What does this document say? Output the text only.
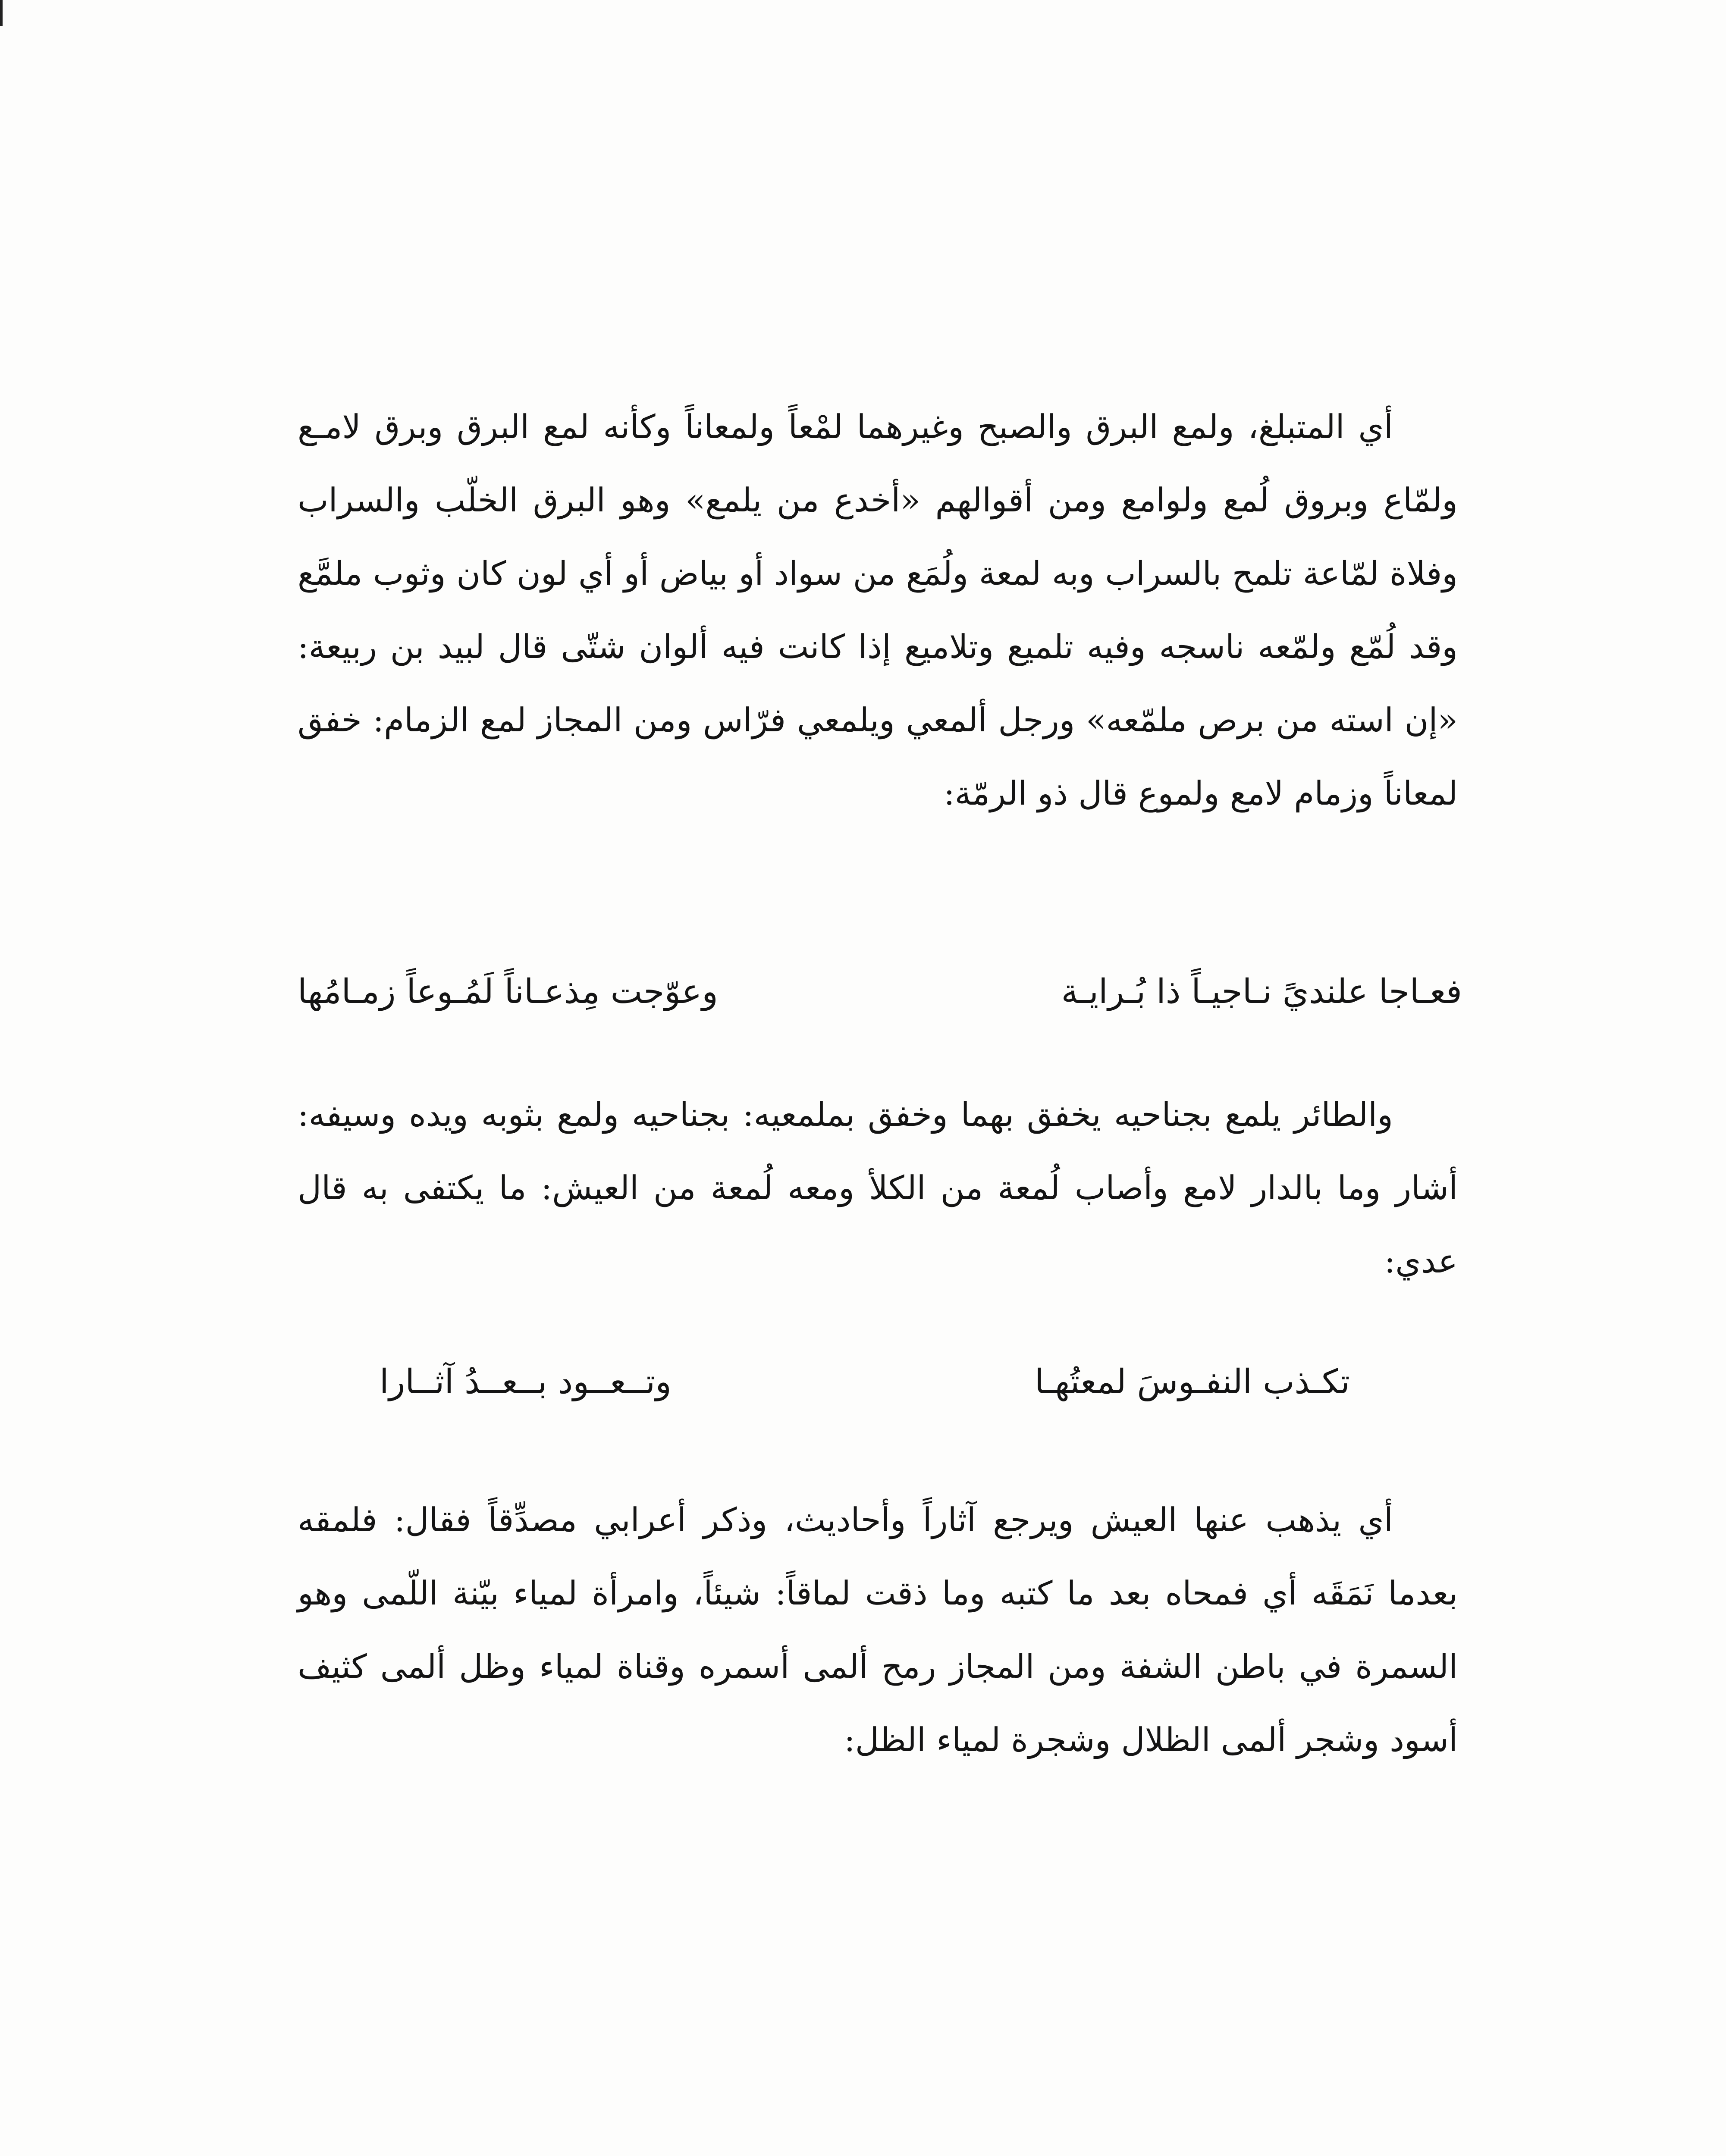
أي المتبلغ، ولمع البرق والصبح وغيرهما لمْعاً ولمعاناً وكأنه لمع البرق وبرق لامـع ولمّاع وبروق لُمع ولوامع ومن أقوالهم «أخدع من يلمع» وهو البرق الخلّب والسراب وفلاة لمّاعة تلمح بالسراب وبه لمعة ولُمَع من سواد أو بياض أو أي لون كان وثوب ملمَّع وقد لُمّع ولمّعه ناسجه وفيه تلميع وتلاميع إذا كانت فيه ألوان شتّى قال لبيد بن ربيعة: «إن استه من برص ملمّعه» ورجل ألمعي ويلمعي فرّاس ومن المجاز لمع الزمام: خفق لمعاناً وزمام لامع ولموع قال ذو الرمّة:

فعـاجا علنديً نـاجيـاً ذا بُـرايـة
وعوّجت مِذعـاناً لَمُـوعاً زمـامُها

والطائر يلمع بجناحيه يخفق بهما وخفق بملمعيه: بجناحيه ولمع بثوبه ويده وسيفه: أشار وما بالدار لامع وأصاب لُمعة من الكلأ ومعه لُمعة من العيش: ما يكتفى به قال عدي:

تكـذب النفـوسَ لمعتُهـا
وتــعــود بــعــدُ آثــارا

أي يذهب عنها العيش ويرجع آثاراً وأحاديث، وذكر أعرابي مصدِّقاً فقال: فلمقه بعدما نَمَقَه أي فمحاه بعد ما كتبه وما ذقت لماقاً: شيئاً، وامرأة لمياء بيّنة اللّمى وهو السمرة في باطن الشفة ومن المجاز رمح ألمى أسمره وقناة لمياء وظل ألمى كثيف أسود وشجر ألمى الظلال وشجرة لمياء الظل:
